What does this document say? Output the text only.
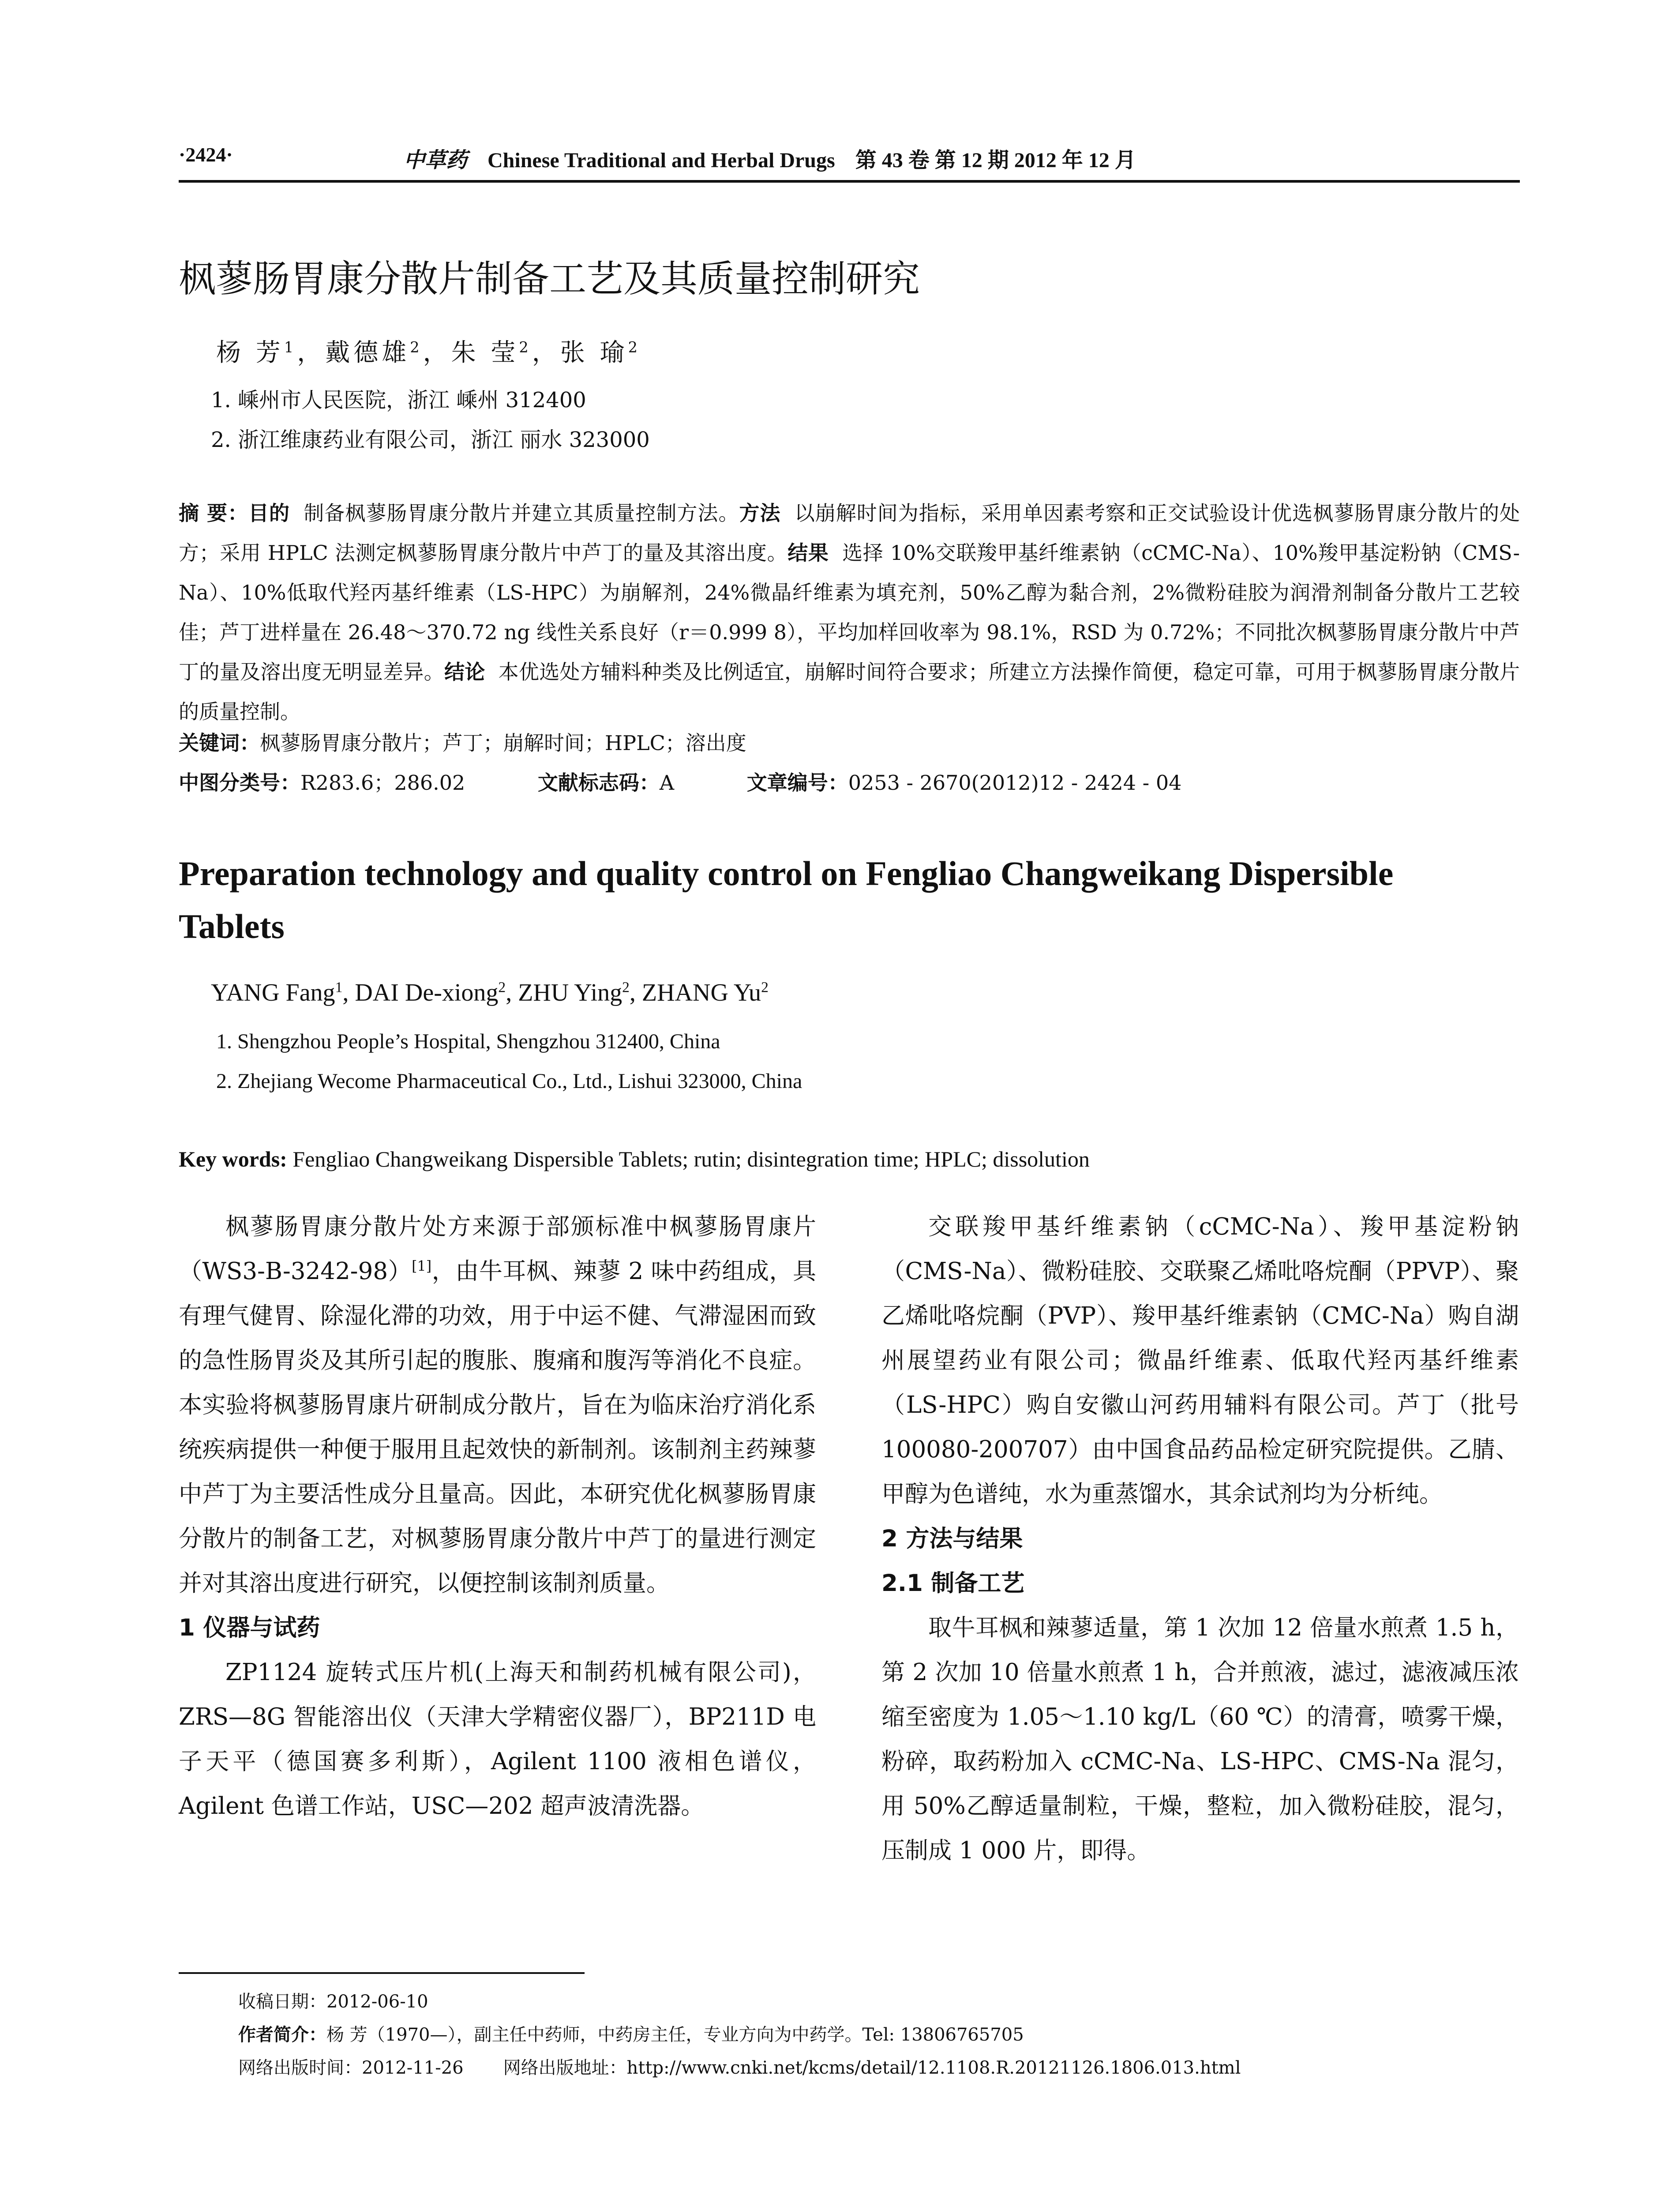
·2424·	中草药 Chinese Traditional and Herbal Drugs 第 43 卷 第 12 期 2012 年 12 月
枫蓼肠胃康分散片制备工艺及其质量控制研究
杨 芳$^1$，戴德雄$^2$，朱 莹$^2$，张 瑜$^2$
1. 嵊州市人民医院，浙江 嵊州 312400
2. 浙江维康药业有限公司，浙江 丽水 323000
摘 要：目的 制备枫蓼肠胃康分散片并建立其质量控制方法。方法 以崩解时间为指标，采用单因素考察和正交试验设计优选枫蓼肠胃康分散片的处方；采用 HPLC 法测定枫蓼肠胃康分散片中芦丁的量及其溶出度。结果 选择 10%交联羧甲基纤维素钠（cCMC-Na）、10%羧甲基淀粉钠（CMS-Na）、10%低取代羟丙基纤维素（LS-HPC）为崩解剂，24%微晶纤维素为填充剂，50%乙醇为黏合剂，2%微粉硅胶为润滑剂制备分散片工艺较佳；芦丁进样量在 26.48～370.72 ng 线性关系良好（r＝0.999 8），平均加样回收率为 98.1%，RSD 为 0.72%；不同批次枫蓼肠胃康分散片中芦丁的量及溶出度无明显差异。结论 本优选处方辅料种类及比例适宜，崩解时间符合要求；所建立方法操作简便，稳定可靠，可用于枫蓼肠胃康分散片的质量控制。
关键词：枫蓼肠胃康分散片；芦丁；崩解时间；HPLC；溶出度
中图分类号：R283.6；286.02	文献标志码：A	文章编号：0253 - 2670(2012)12 - 2424 - 04
Preparation technology and quality control on Fengliao Changweikang Dispersible Tablets
YANG Fang$^1$, DAI De-xiong$^2$, ZHU Ying$^2$, ZHANG Yu$^2$
1. Shengzhou People’s Hospital, Shengzhou 312400, China
2. Zhejiang Wecome Pharmaceutical Co., Ltd., Lishui 323000, China
Key words: Fengliao Changweikang Dispersible Tablets; rutin; disintegration time; HPLC; dissolution

枫蓼肠胃康分散片处方来源于部颁标准中枫蓼肠胃康片（WS3-B-3242-98）[1]，由牛耳枫、辣蓼 2 味中药组成，具有理气健胃、除湿化滞的功效，用于中运不健、气滞湿困而致的急性肠胃炎及其所引起的腹胀、腹痛和腹泻等消化不良症。本实验将枫蓼肠胃康片研制成分散片，旨在为临床治疗消化系统疾病提供一种便于服用且起效快的新制剂。该制剂主药辣蓼中芦丁为主要活性成分且量高。因此，本研究优化枫蓼肠胃康分散片的制备工艺，对枫蓼肠胃康分散片中芦丁的量进行测定并对其溶出度进行研究，以便控制该制剂质量。

1 仪器与试药

ZP1124 旋转式压片机(上海天和制药机械有限公司)，ZRS—8G 智能溶出仪（天津大学精密仪器厂），BP211D 电子天平（德国赛多利斯），Agilent 1100 液相色谱仪，Agilent 色谱工作站，USC—202 超声波清洗器。

交联羧甲基纤维素钠（cCMC-Na）、羧甲基淀粉钠（CMS-Na）、微粉硅胶、交联聚乙烯吡咯烷酮（PPVP）、聚乙烯吡咯烷酮（PVP）、羧甲基纤维素钠（CMC-Na）购自湖州展望药业有限公司；微晶纤维素、低取代羟丙基纤维素（LS-HPC）购自安徽山河药用辅料有限公司。芦丁（批号 100080-200707）由中国食品药品检定研究院提供。乙腈、甲醇为色谱纯，水为重蒸馏水，其余试剂均为分析纯。

2 方法与结果

2.1 制备工艺

取牛耳枫和辣蓼适量，第 1 次加 12 倍量水煎煮 1.5 h，第 2 次加 10 倍量水煎煮 1 h，合并煎液，滤过，滤液减压浓缩至密度为 1.05～1.10 kg/L（60 ℃）的清膏，喷雾干燥，粉碎，取药粉加入 cCMC-Na、LS-HPC、CMS-Na 混匀，用 50%乙醇适量制粒，干燥，整粒，加入微粉硅胶，混匀，压制成 1 000 片，即得。

收稿日期：2012-06-10
作者简介：杨 芳（1970—），副主任中药师，中药房主任，专业方向为中药学。Tel: 13806765705
网络出版时间：2012-11-26 网络出版地址：http://www.cnki.net/kcms/detail/12.1108.R.20121126.1806.013.html
